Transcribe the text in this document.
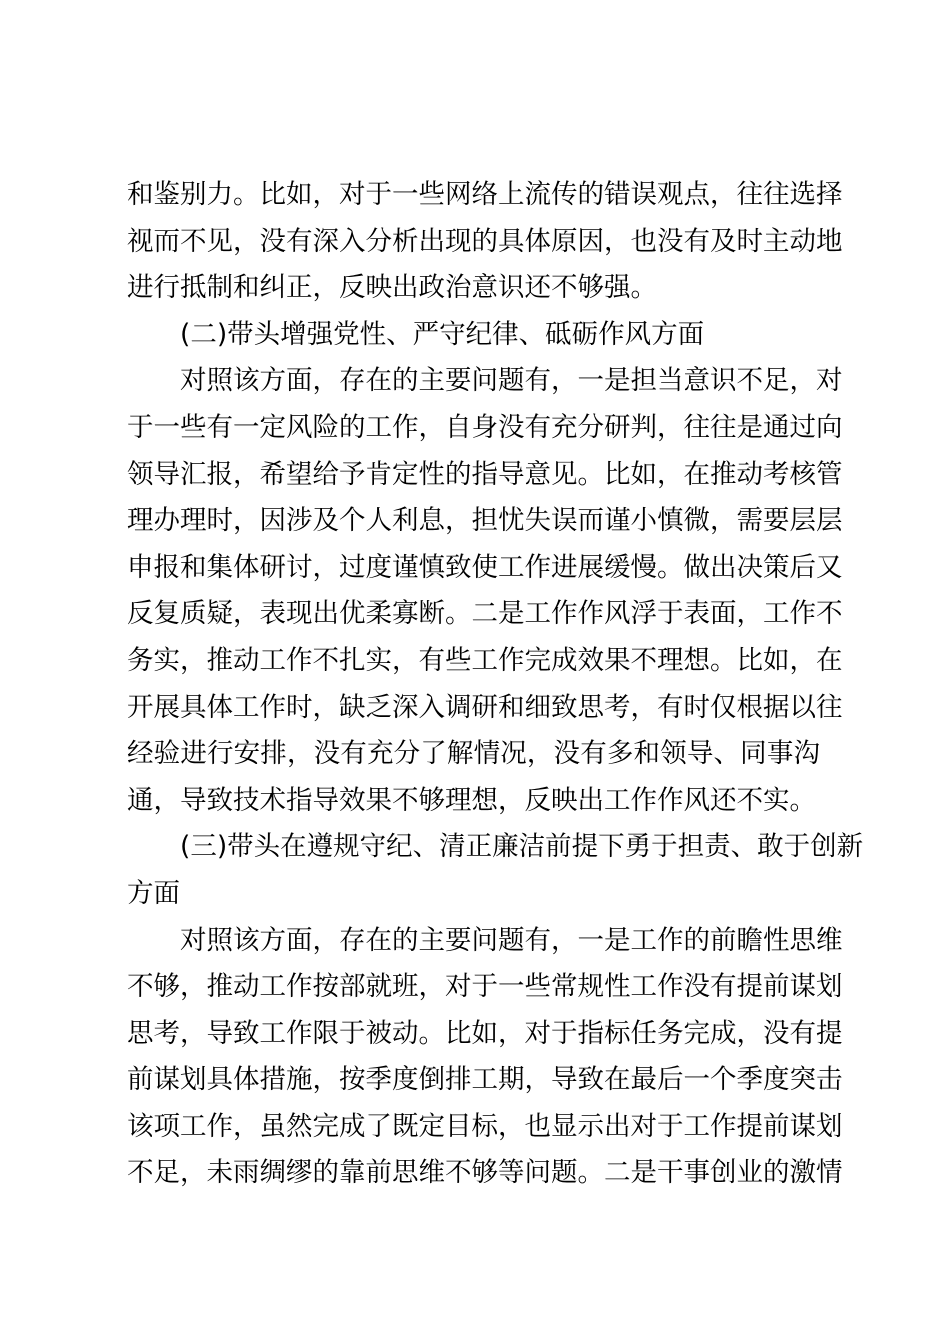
和鉴别力。比如，对于一些网络上流传的错误观点，往往选择
视而不见，没有深入分析出现的具体原因，也没有及时主动地
进行抵制和纠正，反映出政治意识还不够强。
(二)带头增强党性、严守纪律、砥砺作风方面
对照该方面，存在的主要问题有，一是担当意识不足，对
于一些有一定风险的工作，自身没有充分研判，往往是通过向
领导汇报，希望给予肯定性的指导意见。比如，在推动考核管
理办理时，因涉及个人利息，担忧失误而谨小慎微，需要层层
申报和集体研讨，过度谨慎致使工作进展缓慢。做出决策后又
反复质疑，表现出优柔寡断。二是工作作风浮于表面，工作不
务实，推动工作不扎实，有些工作完成效果不理想。比如，在
开展具体工作时，缺乏深入调研和细致思考，有时仅根据以往
经验进行安排，没有充分了解情况，没有多和领导、同事沟
通，导致技术指导效果不够理想，反映出工作作风还不实。
(三)带头在遵规守纪、清正廉洁前提下勇于担责、敢于创新
方面
对照该方面，存在的主要问题有，一是工作的前瞻性思维
不够，推动工作按部就班，对于一些常规性工作没有提前谋划
思考，导致工作限于被动。比如，对于指标任务完成，没有提
前谋划具体措施，按季度倒排工期，导致在最后一个季度突击
该项工作，虽然完成了既定目标，也显示出对于工作提前谋划
不足，未雨绸缪的靠前思维不够等问题。二是干事创业的激情
